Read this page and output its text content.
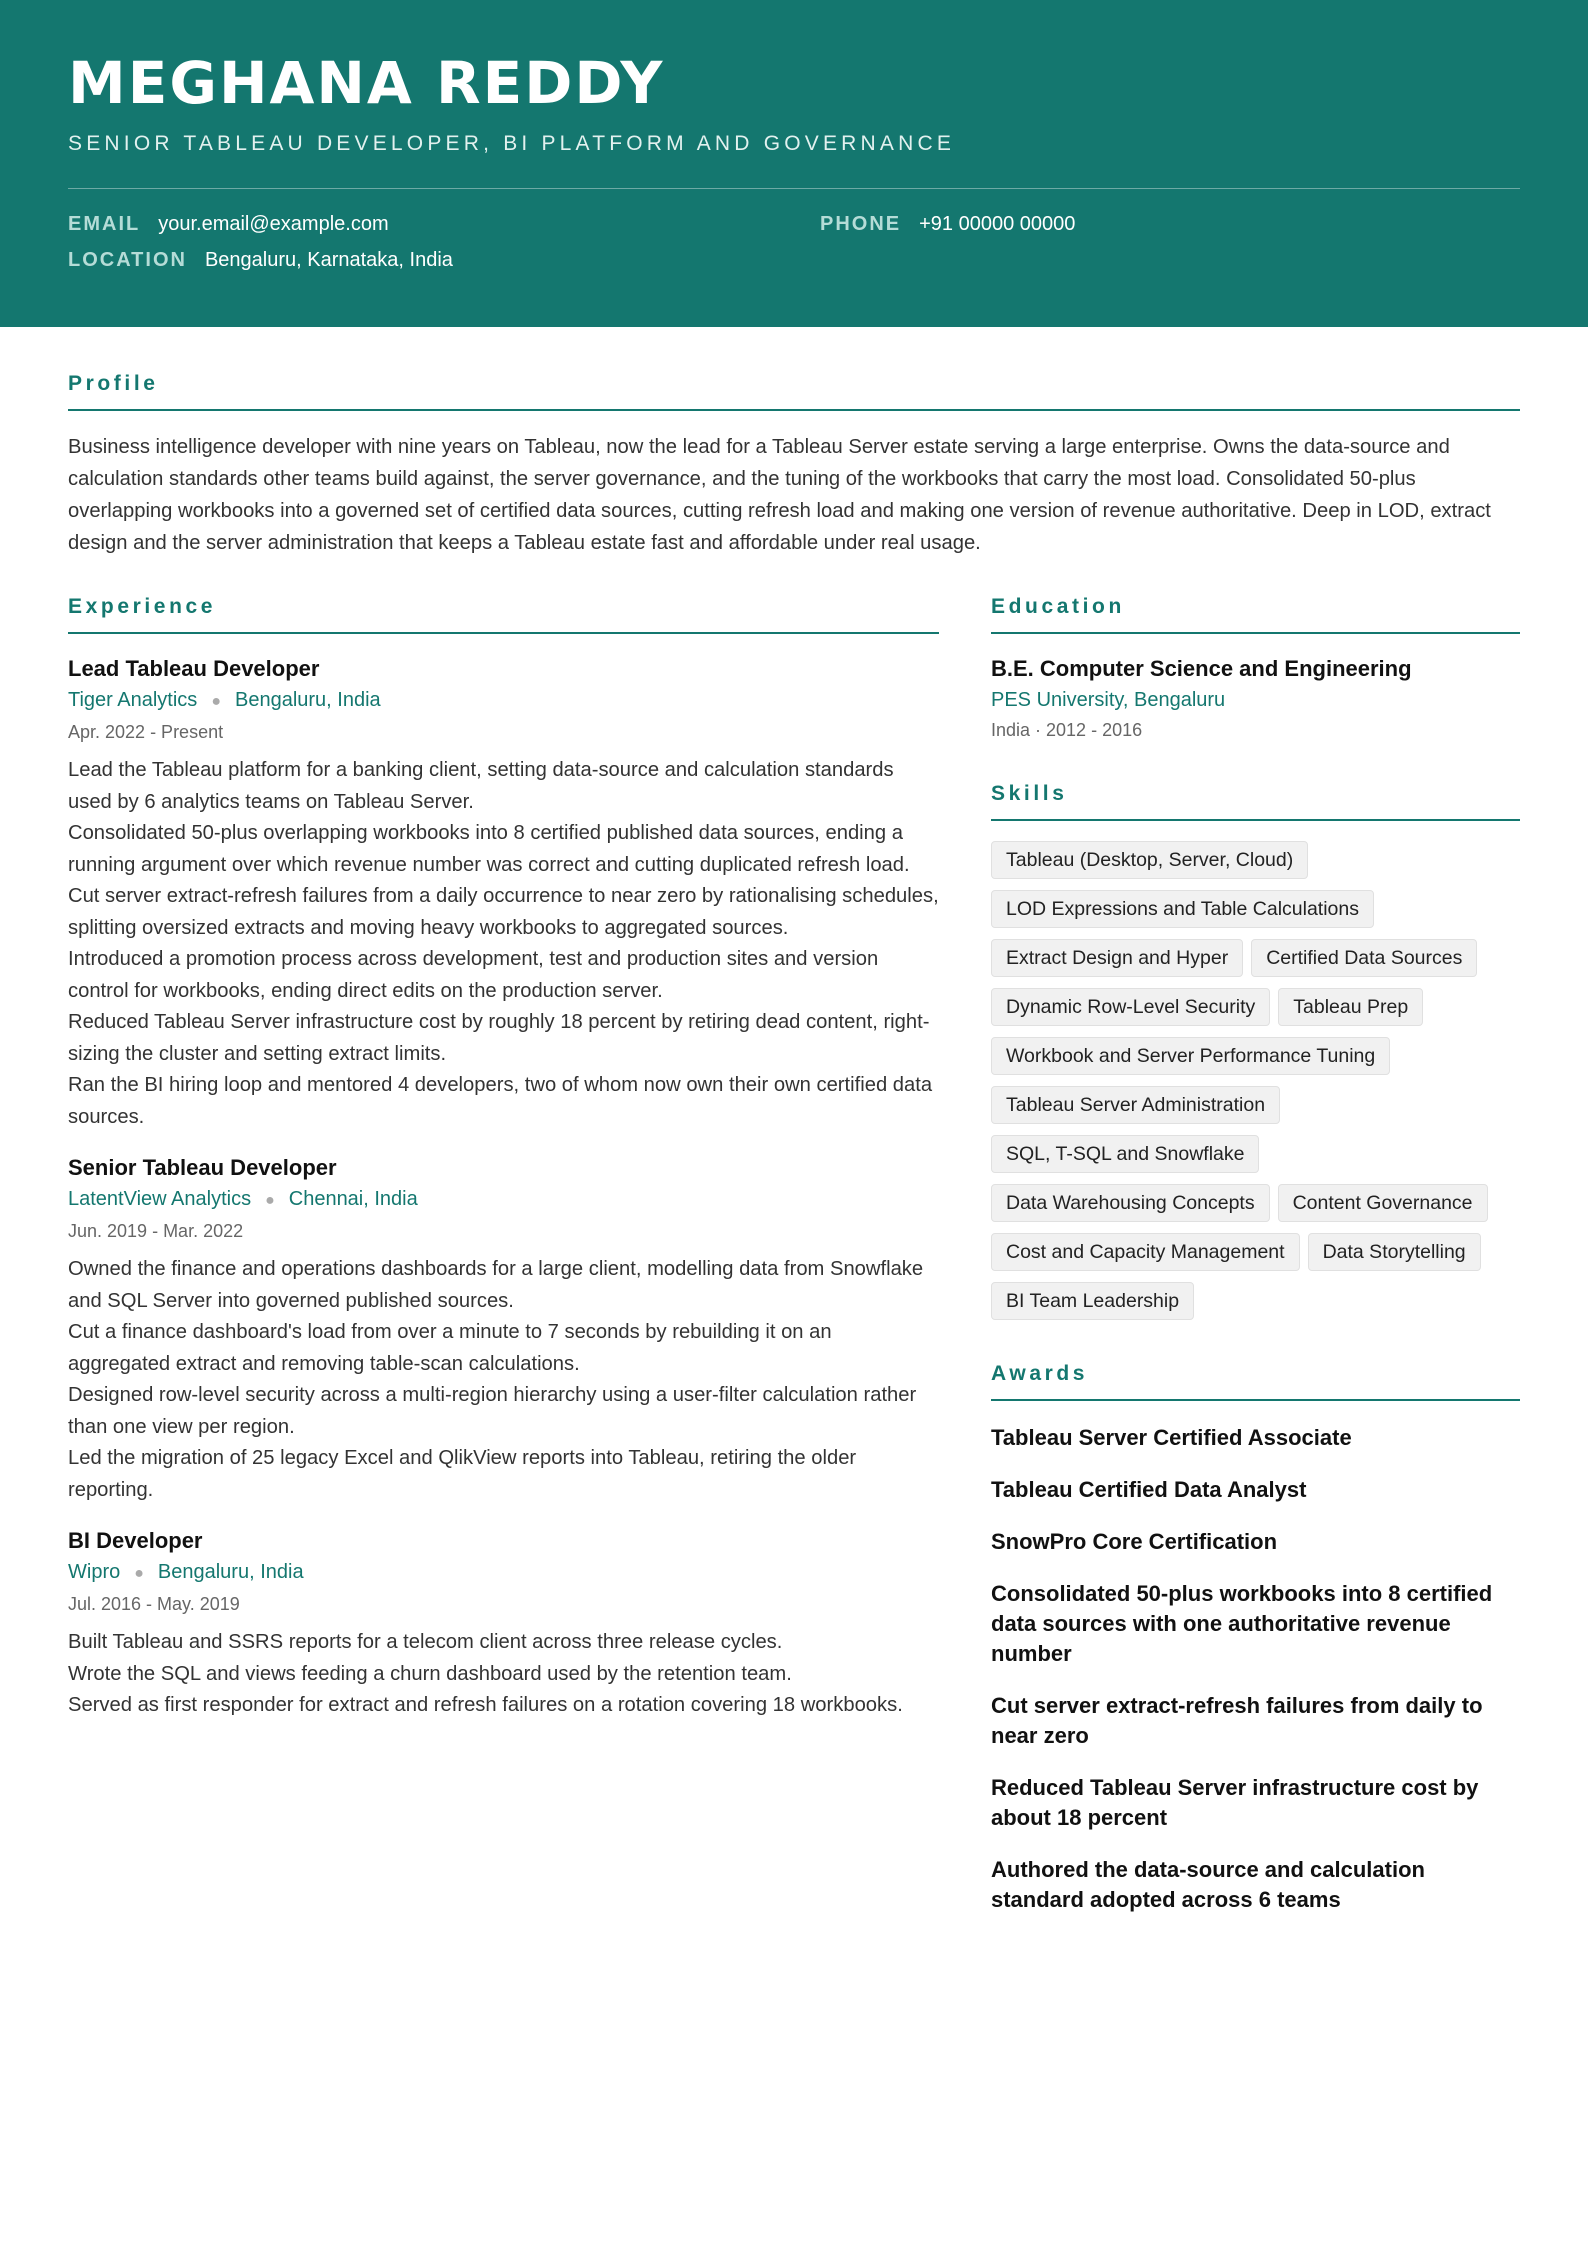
MEGHANA REDDY
SENIOR TABLEAU DEVELOPER, BI PLATFORM AND GOVERNANCE
EMAIL your.email@example.com	PHONE +91 00000 00000
LOCATION Bengaluru, Karnataka, India
Profile
Business intelligence developer with nine years on Tableau, now the lead for a Tableau Server estate serving a large enterprise. Owns the data-source and calculation standards other teams build against, the server governance, and the tuning of the workbooks that carry the most load. Consolidated 50-plus overlapping workbooks into a governed set of certified data sources, cutting refresh load and making one version of revenue authoritative. Deep in LOD, extract design and the server administration that keeps a Tableau estate fast and affordable under real usage.
Experience
Lead Tableau Developer
Tiger Analytics ● Bengaluru, India
Apr. 2022 - Present
Lead the Tableau platform for a banking client, setting data-source and calculation standards used by 6 analytics teams on Tableau Server.
Consolidated 50-plus overlapping workbooks into 8 certified published data sources, ending a running argument over which revenue number was correct and cutting duplicated refresh load.
Cut server extract-refresh failures from a daily occurrence to near zero by rationalising schedules, splitting oversized extracts and moving heavy workbooks to aggregated sources.
Introduced a promotion process across development, test and production sites and version control for workbooks, ending direct edits on the production server.
Reduced Tableau Server infrastructure cost by roughly 18 percent by retiring dead content, right-sizing the cluster and setting extract limits.
Ran the BI hiring loop and mentored 4 developers, two of whom now own their own certified data sources.
Senior Tableau Developer
LatentView Analytics ● Chennai, India
Jun. 2019 - Mar. 2022
Owned the finance and operations dashboards for a large client, modelling data from Snowflake and SQL Server into governed published sources.
Cut a finance dashboard's load from over a minute to 7 seconds by rebuilding it on an aggregated extract and removing table-scan calculations.
Designed row-level security across a multi-region hierarchy using a user-filter calculation rather than one view per region.
Led the migration of 25 legacy Excel and QlikView reports into Tableau, retiring the older reporting.
BI Developer
Wipro ● Bengaluru, India
Jul. 2016 - May. 2019
Built Tableau and SSRS reports for a telecom client across three release cycles.
Wrote the SQL and views feeding a churn dashboard used by the retention team.
Served as first responder for extract and refresh failures on a rotation covering 18 workbooks.
Education
B.E. Computer Science and Engineering
PES University, Bengaluru
India · 2012 - 2016
Skills
Tableau (Desktop, Server, Cloud)
LOD Expressions and Table Calculations
Extract Design and Hyper	Certified Data Sources
Dynamic Row-Level Security	Tableau Prep
Workbook and Server Performance Tuning
Tableau Server Administration
SQL, T-SQL and Snowflake
Data Warehousing Concepts	Content Governance
Cost and Capacity Management	Data Storytelling
BI Team Leadership
Awards
Tableau Server Certified Associate
Tableau Certified Data Analyst
SnowPro Core Certification
Consolidated 50-plus workbooks into 8 certified data sources with one authoritative revenue number
Cut server extract-refresh failures from daily to near zero
Reduced Tableau Server infrastructure cost by about 18 percent
Authored the data-source and calculation standard adopted across 6 teams
